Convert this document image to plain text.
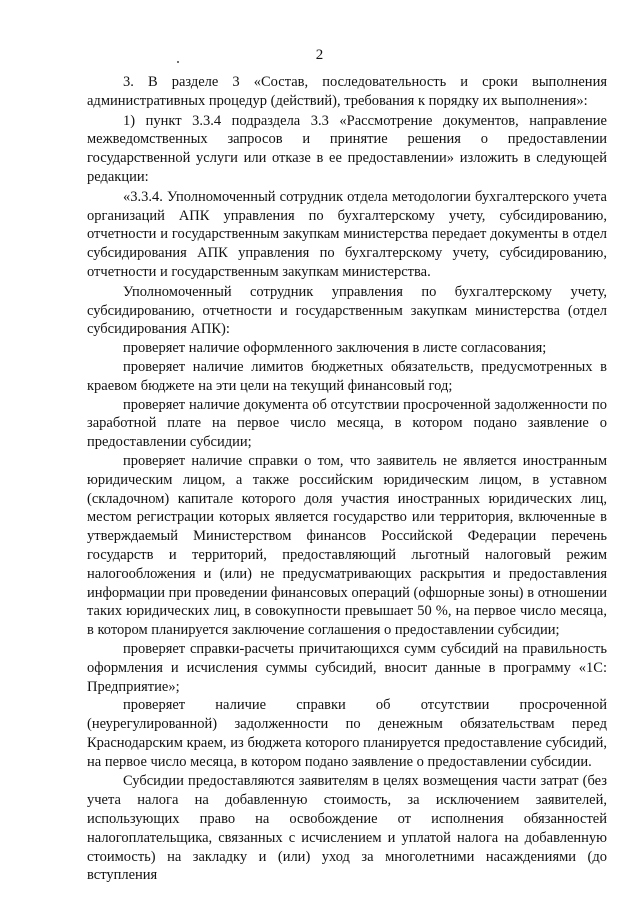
2

3. В разделе 3 «Состав, последовательность и сроки выполнения административных процедур (действий), требования к порядку их выполнения»:

1) пункт 3.3.4 подраздела 3.3 «Рассмотрение документов, направление межведомственных запросов и принятие решения о предоставлении государственной услуги или отказе в ее предоставлении» изложить в следующей редакции:

«3.3.4. Уполномоченный сотрудник отдела методологии бухгалтерского учета организаций АПК управления по бухгалтерскому учету, субсидированию, отчетности и государственным закупкам министерства передает документы в отдел субсидирования АПК управления по бухгалтерскому учету, субсидированию, отчетности и государственным закупкам министерства.

Уполномоченный сотрудник управления по бухгалтерскому учету, субсидированию, отчетности и государственным закупкам министерства (отдел субсидирования АПК):

проверяет наличие оформленного заключения в листе согласования;

проверяет наличие лимитов бюджетных обязательств, предусмотренных в краевом бюджете на эти цели на текущий финансовый год;

проверяет наличие документа об отсутствии просроченной задолженности по заработной плате на первое число месяца, в котором подано заявление о предоставлении субсидии;

проверяет наличие справки о том, что заявитель не является иностранным юридическим лицом, а также российским юридическим лицом, в уставном (складочном) капитале которого доля участия иностранных юридических лиц, местом регистрации которых является государство или территория, включенные в утверждаемый Министерством финансов Российской Федерации перечень государств и территорий, предоставляющий льготный налоговый режим налогообложения и (или) не предусматривающих раскрытия и предоставления информации при проведении финансовых операций (офшорные зоны) в отношении таких юридических лиц, в совокупности превышает 50 %, на первое число месяца, в котором планируется заключение соглашения о предоставлении субсидии;

проверяет справки-расчеты причитающихся сумм субсидий на правильность оформления и исчисления суммы субсидий, вносит данные в программу «1С: Предприятие»;

проверяет наличие справки об отсутствии просроченной (неурегулированной) задолженности по денежным обязательствам перед Краснодарским краем, из бюджета которого планируется предоставление субсидий, на первое число месяца, в котором подано заявление о предоставлении субсидии.

Субсидии предоставляются заявителям в целях возмещения части затрат (без учета налога на добавленную стоимость, за исключением заявителей, использующих право на освобождение от исполнения обязанностей налогоплательщика, связанных с исчислением и уплатой налога на добавленную стоимость) на закладку и (или) уход за многолетними насаждениями (до вступления
